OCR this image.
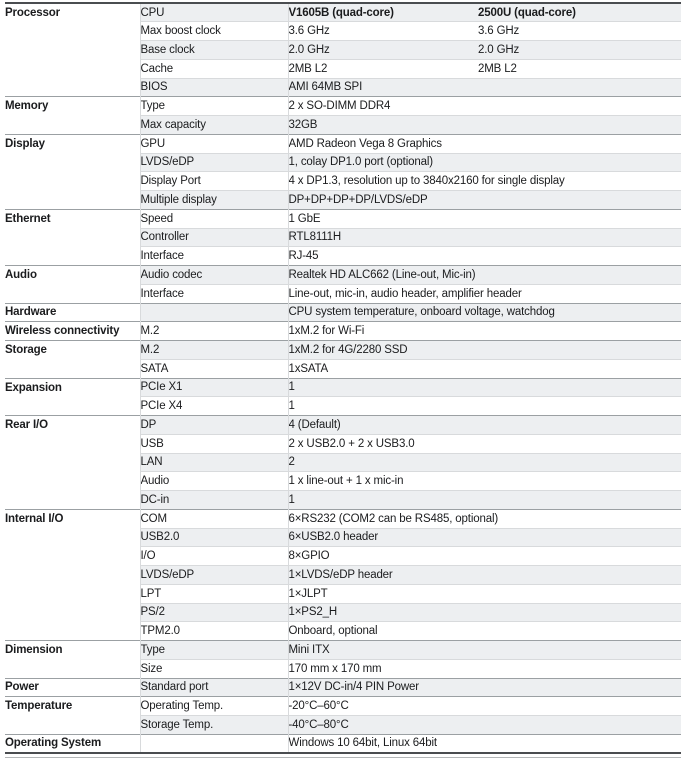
Processor	CPU	V1605B (quad-core)	2500U (quad-core)
	Max boost clock	3.6 GHz	3.6 GHz
	Base clock	2.0 GHz	2.0 GHz
	Cache	2MB L2	2MB L2
	BIOS	AMI 64MB SPI	
Memory	Type	2 x SO-DIMM DDR4	
	Max capacity	32GB	
Display	GPU	AMD Radeon Vega 8 Graphics	
	LVDS/eDP	1, colay DP1.0 port (optional)	
	Display Port	4 x DP1.3, resolution up to 3840x2160 for single display	
	Multiple display	DP+DP+DP+DP/LVDS/eDP	
Ethernet	Speed	1 GbE	
	Controller	RTL8111H	
	Interface	RJ-45	
Audio	Audio codec	Realtek HD ALC662 (Line-out, Mic-in)	
	Interface	Line-out, mic-in, audio header, amplifier header	
Hardware		CPU system temperature, onboard voltage, watchdog	
Wireless connectivity	M.2	1xM.2 for Wi-Fi	
Storage	M.2	1xM.2 for 4G/2280 SSD	
	SATA	1xSATA	
Expansion	PCIe X1	1	
	PCIe X4	1	
Rear I/O	DP	4 (Default)	
	USB	2 x USB2.0 + 2 x USB3.0	
	LAN	2	
	Audio	1 x line-out + 1 x mic-in	
	DC-in	1	
Internal I/O	COM	6×RS232 (COM2 can be RS485, optional)	
	USB2.0	6×USB2.0 header	
	I/O	8×GPIO	
	LVDS/eDP	1×LVDS/eDP header	
	LPT	1×JLPT	
	PS/2	1×PS2_H	
	TPM2.0	Onboard, optional	
Dimension	Type	Mini ITX	
	Size	170 mm x 170 mm	
Power	Standard port	1×12V DC-in/4 PIN Power	
Temperature	Operating Temp.	-20°C–60°C	
	Storage Temp.	-40°C–80°C	
Operating System		Windows 10 64bit, Linux 64bit	
